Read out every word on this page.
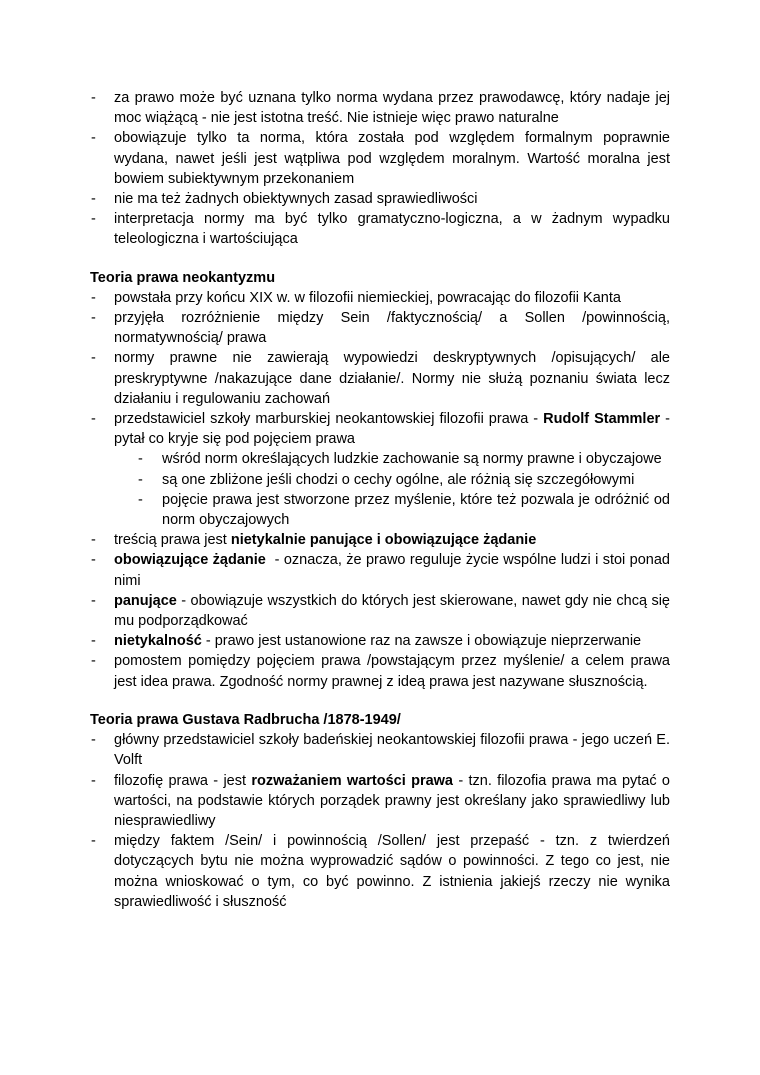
- za prawo może być uznana tylko norma wydana przez prawodawcę, który nadaje jej moc wiążącą - nie jest istotna treść. Nie istnieje więc prawo naturalne
- obowiązuje tylko ta norma, która została pod względem formalnym poprawnie wydana, nawet jeśli jest wątpliwa pod względem moralnym. Wartość moralna jest bowiem subiektywnym przekonaniem
- nie ma też żadnych obiektywnych zasad sprawiedliwości
- interpretacja normy ma być tylko gramatyczno-logiczna, a w żadnym wypadku teleologiczna i wartościująca
Teoria prawa neokantyzmu
- powstała przy końcu XIX w. w filozofii niemieckiej, powracając do filozofii Kanta
- przyjęła rozróżnienie między Sein /faktycznością/ a Sollen /powinnością, normatywnością/ prawa
- normy prawne nie zawierają wypowiedzi deskryptywnych /opisujących/ ale preskryptywne /nakazujące dane działanie/. Normy nie służą poznaniu świata lecz działaniu i regulowaniu zachowań
- przedstawiciel szkoły marburskiej neokantowskiej filozofii prawa - Rudolf Stammler - pytał co kryje się pod pojęciem prawa
- wśród norm określających ludzkie zachowanie są normy prawne i obyczajowe
- są one zbliżone jeśli chodzi o cechy ogólne, ale różnią się szczegółowymi
- pojęcie prawa jest stworzone przez myślenie, które też pozwala je odróżnić od norm obyczajowych
- treścią prawa jest nietykalnie panujące i obowiązujące żądanie
- obowiązujące żądanie  - oznacza, że prawo reguluje życie wspólne ludzi i stoi ponad nimi
- panujące - obowiązuje wszystkich do których jest skierowane, nawet gdy nie chcą się mu podporządkować
- nietykalność - prawo jest ustanowione raz na zawsze i obowiązuje nieprzerwanie
- pomostem pomiędzy pojęciem prawa /powstającym przez myślenie/ a celem prawa jest idea prawa. Zgodność normy prawnej z ideą prawa jest nazywane słusznością.
Teoria prawa Gustava Radbrucha /1878-1949/
- główny przedstawiciel szkoły badeńskiej neokantowskiej filozofii prawa - jego uczeń E. Volft
- filozofię prawa - jest rozważaniem wartości prawa - tzn. filozofia prawa ma pytać o wartości, na podstawie których porządek prawny jest określany jako sprawiedliwy lub niesprawiedliwy
- między faktem /Sein/ i powinnością /Sollen/ jest przepaść - tzn. z twierdzeń dotyczących bytu nie można wyprowadzić sądów o powinności. Z tego co jest, nie można wnioskować o tym, co być powinno. Z istnienia jakiejś rzeczy nie wynika sprawiedliwość i słuszność
